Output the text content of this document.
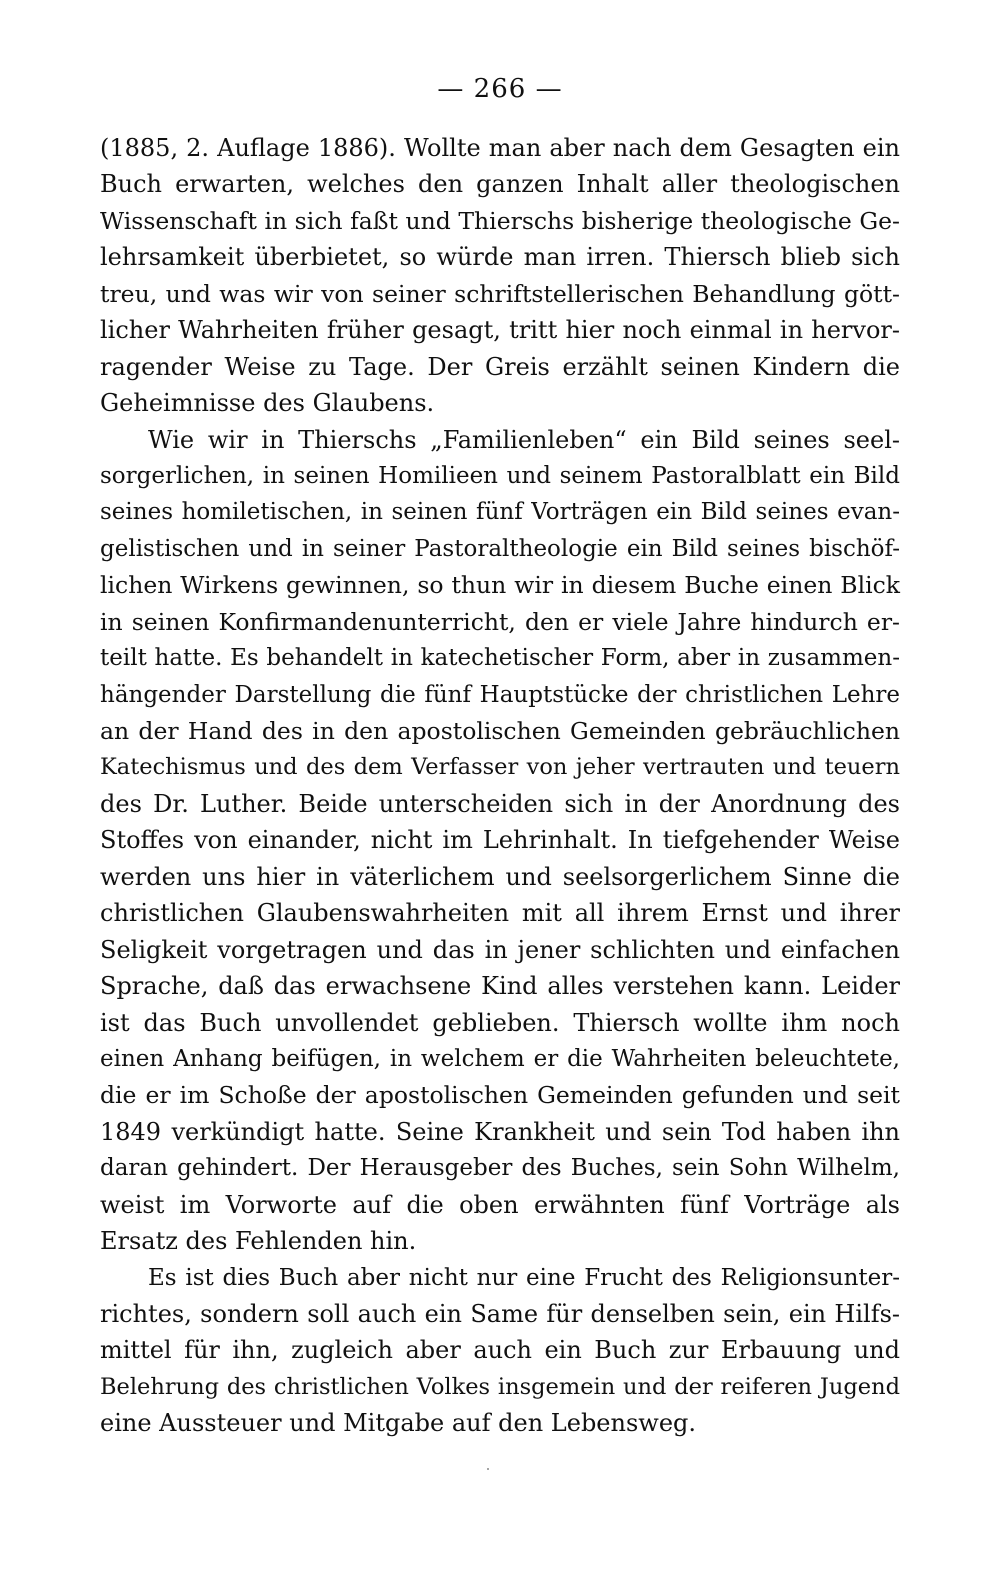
— 266 —
(1885, 2. Auflage 1886). Wollte man aber nach dem Gesagten ein
Buch erwarten, welches den ganzen Inhalt aller theologischen
Wissenschaft in sich faßt und Thierschs bisherige theologische Ge-
lehrsamkeit überbietet, so würde man irren. Thiersch blieb sich
treu, und was wir von seiner schriftstellerischen Behandlung gött-
licher Wahrheiten früher gesagt, tritt hier noch einmal in hervor-
ragender Weise zu Tage. Der Greis erzählt seinen Kindern die
Geheimnisse des Glaubens.
Wie wir in Thierschs „Familienleben“ ein Bild seines seel-
sorgerlichen, in seinen Homilieen und seinem Pastoralblatt ein Bild
seines homiletischen, in seinen fünf Vorträgen ein Bild seines evan-
gelistischen und in seiner Pastoraltheologie ein Bild seines bischöf-
lichen Wirkens gewinnen, so thun wir in diesem Buche einen Blick
in seinen Konfirmandenunterricht, den er viele Jahre hindurch er-
teilt hatte. Es behandelt in katechetischer Form, aber in zusammen-
hängender Darstellung die fünf Hauptstücke der christlichen Lehre
an der Hand des in den apostolischen Gemeinden gebräuchlichen
Katechismus und des dem Verfasser von jeher vertrauten und teuern
des Dr. Luther. Beide unterscheiden sich in der Anordnung des
Stoffes von einander, nicht im Lehrinhalt. In tiefgehender Weise
werden uns hier in väterlichem und seelsorgerlichem Sinne die
christlichen Glaubenswahrheiten mit all ihrem Ernst und ihrer
Seligkeit vorgetragen und das in jener schlichten und einfachen
Sprache, daß das erwachsene Kind alles verstehen kann. Leider
ist das Buch unvollendet geblieben. Thiersch wollte ihm noch
einen Anhang beifügen, in welchem er die Wahrheiten beleuchtete,
die er im Schoße der apostolischen Gemeinden gefunden und seit
1849 verkündigt hatte. Seine Krankheit und sein Tod haben ihn
daran gehindert. Der Herausgeber des Buches, sein Sohn Wilhelm,
weist im Vorworte auf die oben erwähnten fünf Vorträge als
Ersatz des Fehlenden hin.
Es ist dies Buch aber nicht nur eine Frucht des Religionsunter-
richtes, sondern soll auch ein Same für denselben sein, ein Hilfs-
mittel für ihn, zugleich aber auch ein Buch zur Erbauung und
Belehrung des christlichen Volkes insgemein und der reiferen Jugend
eine Aussteuer und Mitgabe auf den Lebensweg.
